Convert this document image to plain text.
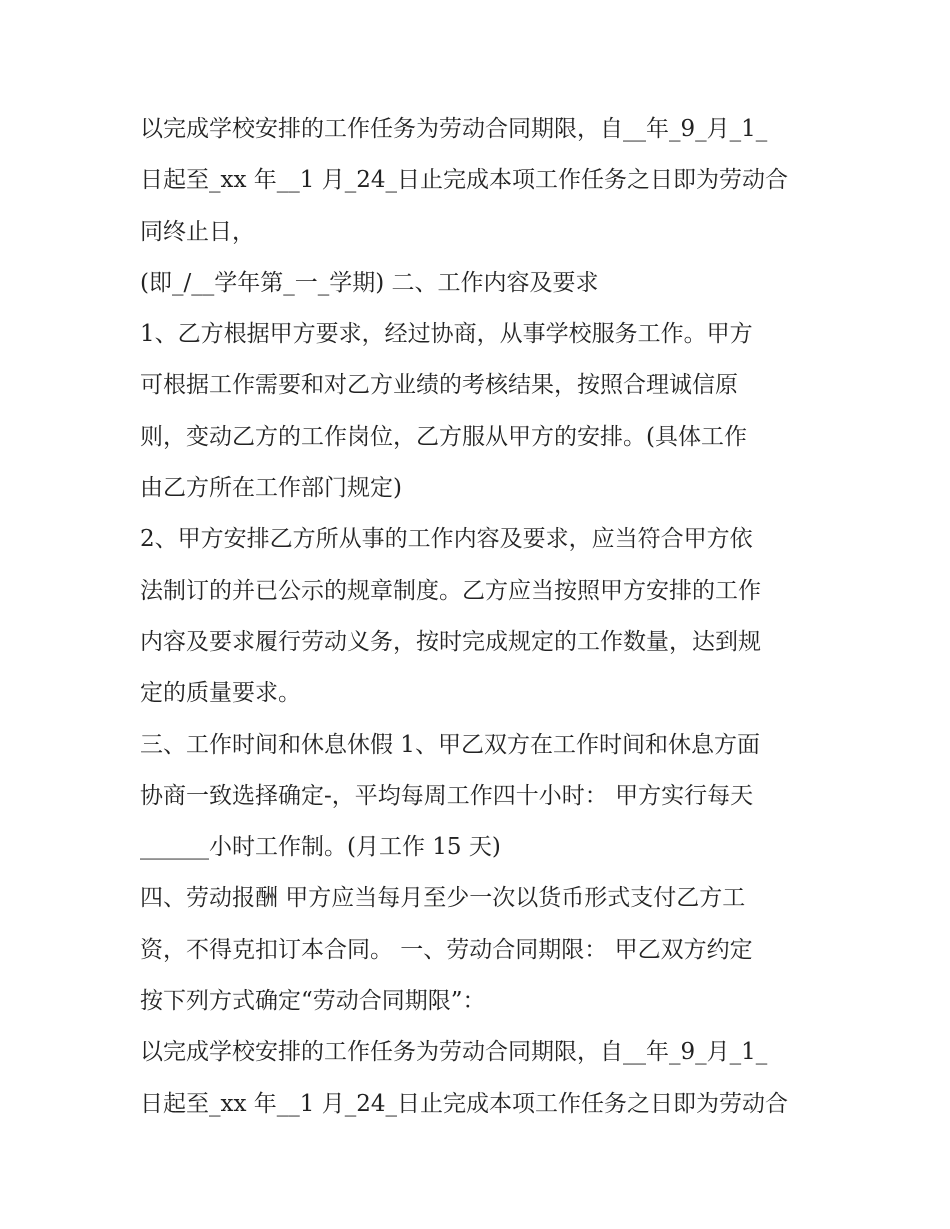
以完成学校安排的工作任务为劳动合同期限，自__年_9_月_1_
日起至_xx 年__1 月_24_日止完成本项工作任务之日即为劳动合
同终止日，
(即_/__学年第_一_学期) 二、工作内容及要求
1、乙方根据甲方要求，经过协商，从事学校服务工作。甲方
可根据工作需要和对乙方业绩的考核结果，按照合理诚信原
则，变动乙方的工作岗位，乙方服从甲方的安排。(具体工作
由乙方所在工作部门规定)
2、甲方安排乙方所从事的工作内容及要求，应当符合甲方依
法制订的并已公示的规章制度。乙方应当按照甲方安排的工作
内容及要求履行劳动义务，按时完成规定的工作数量，达到规
定的质量要求。
三、工作时间和休息休假 1、甲乙双方在工作时间和休息方面
协商一致选择确定-，平均每周工作四十小时： 甲方实行每天
______小时工作制。(月工作 15 天)
四、劳动报酬 甲方应当每月至少一次以货币形式支付乙方工
资，不得克扣订本合同。 一、劳动合同期限： 甲乙双方约定
按下列方式确定“劳动合同期限”：
以完成学校安排的工作任务为劳动合同期限，自__年_9_月_1_
日起至_xx 年__1 月_24_日止完成本项工作任务之日即为劳动合
